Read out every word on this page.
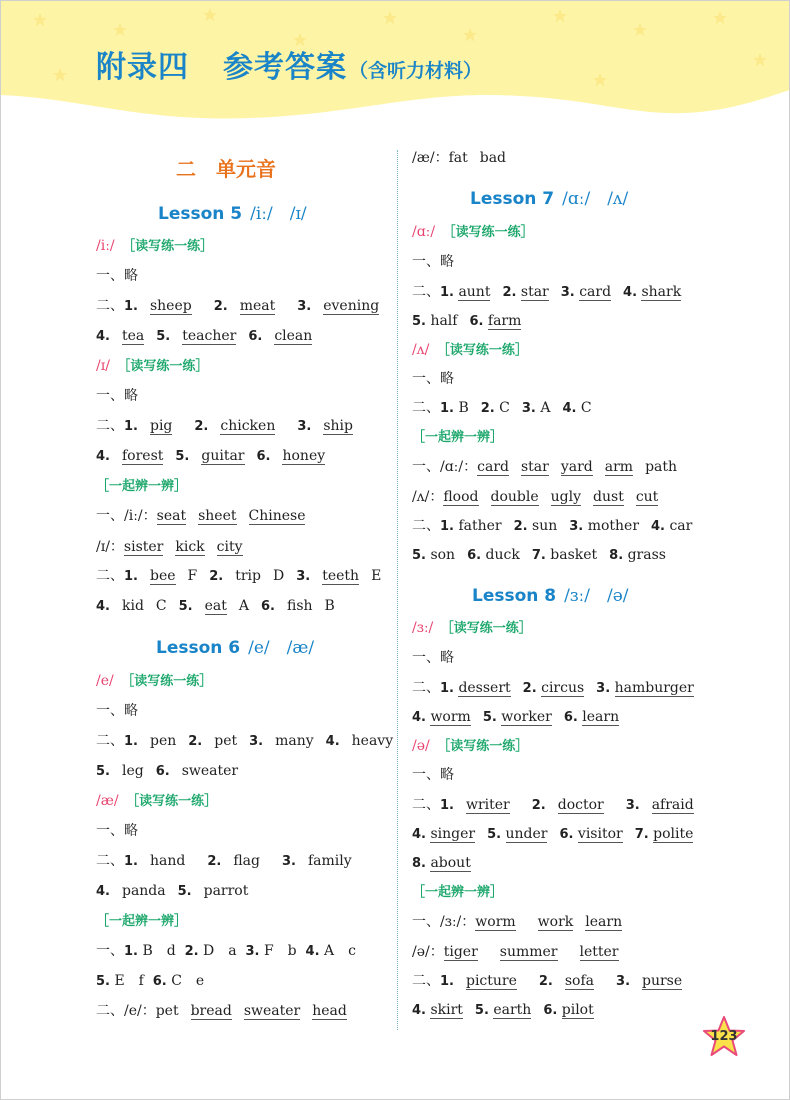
附录四 参考答案 （含听力材料）
二　单元音
Lesson 5 /iː/　/ɪ/
/iː/　 ［读写练一练］
一、略
二、1. sheep 2. meat 3. evening
4. tea 5. teacher 6. clean
/ɪ/　 ［读写练一练］
一、略
二、1. pig 2. chicken 3. ship
4. forest 5. guitar 6. honey
［一起辨一辨］
一、/iː/：seat sheet Chinese
/ɪ/：sister kick city
二、1. bee F 2. trip D 3. teeth E
4. kid C 5. eat A 6. fish B
Lesson 6 /e/　/æ/
/e/　 ［读写练一练］
一、略
二、1. pen 2. pet 3. many 4. heavy
5. leg 6. sweater
/æ/　 ［读写练一练］
一、略
二、1. hand 2. flag 3. family
4. panda 5. parrot
［一起辨一辨］
一、1. B　d 2. D　a 3. F　b 4. A　c
5. E　f 6. C　e
二、/e/：pet bread sweater head
/æ/：fat bad
Lesson 7 /ɑː/　/ʌ/
/ɑː/　 ［读写练一练］
一、略
二、1. aunt 2. star 3. card 4. shark
5. half 6. farm
/ʌ/　 ［读写练一练］
一、略
二、1. B 2. C 3. A 4. C
［一起辨一辨］
一、/ɑː/：card star yard arm path
/ʌ/：flood double ugly dust cut
二、1. father 2. sun 3. mother 4. car
5. son 6. duck 7. basket 8. grass
Lesson 8 /ɜː/　/ə/
/ɜː/　 ［读写练一练］
一、略
二、1. dessert 2. circus 3. hamburger
4. worm 5. worker 6. learn
/ə/　 ［读写练一练］
一、略
二、1. writer 2. doctor 3. afraid
4. singer 5. under 6. visitor 7. polite
8. about
［一起辨一辨］
一、/ɜː/：worm work learn
/ə/：tiger summer letter
二、1. picture 2. sofa 3. purse
4. skirt 5. earth 6. pilot
123
